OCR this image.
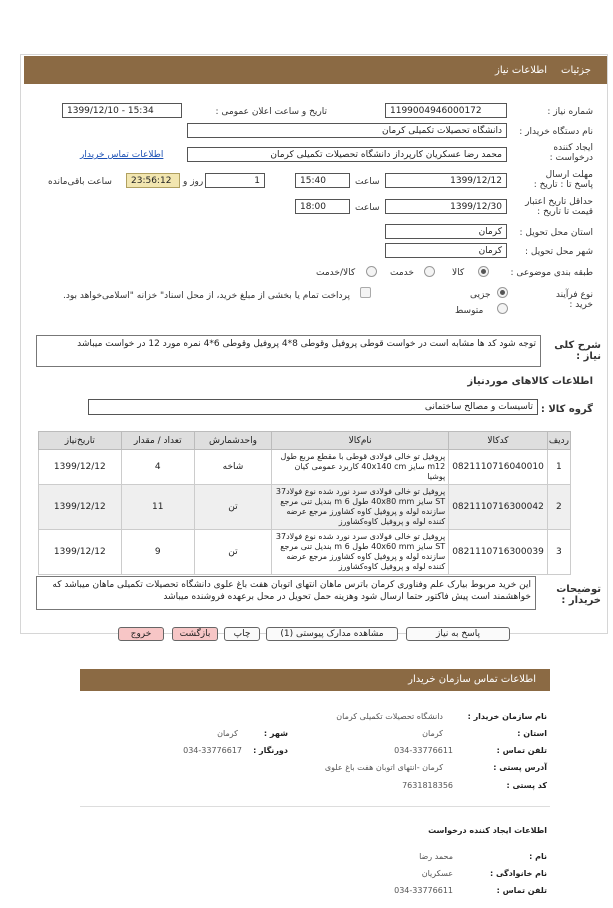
جزئیات
اطلاعات نیاز
شماره نیاز :
1199004946000172
تاریخ و ساعت اعلان عمومی :
1399/12/10 - 15:34
نام دستگاه خریدار :
دانشگاه تحصیلات تکمیلی کرمان
ایجاد کننده درخواست :
محمد رضا عسکریان کارپرداز دانشگاه تحصیلات تکمیلی کرمان
اطلاعات تماس خریدار
مهلت ارسال پاسخ تا : تاریخ :
1399/12/12
ساعت
15:40
1
روز و
23:56:12
ساعت باقی‌مانده
حداقل تاریخ اعتبار قیمت تا تاریخ :
1399/12/30
ساعت
18:00
استان محل تحویل :
کرمان
شهر محل تحویل :
کرمان
طبقه بندی موضوعی :
کالا
خدمت
کالا/خدمت
نوع فرآیند خرید :
جزیی
متوسط
پرداخت تمام یا بخشی از مبلغ خرید، از محل اسناد" خزانه "اسلامی‌خواهد بود.
شرح کلی نیاز :
توجه شود کد ها مشابه است در خواست قوطی پروفیل وقوطی 8*4 پروفیل وقوطی 6*4 نمره مورد 12 در خواست میباشد
اطلاعات کالاهای موردنیاز
گروه کالا :
تاسیسات و مصالح ساختمانی
ردیف	کدکالا	نام‌کالا	واحدشمارش	تعداد / مقدار	تاریخ‌نیاز
1	0821110716040010	پروفیل تو خالی فولادی قوطی با مقطع مربع طول m12 سایز 40x140 cm کاربرد عمومی کیان پوشیا	شاخه	4	1399/12/12
2	0821110716300042	پروفیل تو خالی فولادی سرد نورد شده نوع فولاد37 ST سایز 40x80 mm طول m 6 بندیل تنی مرجع سازنده لوله و پروفیل کاوه کشاورز مرجع عرضه کننده لوله و پروفیل کاوه‌کشاورز	تن	11	1399/12/12
3	0821110716300039	پروفیل تو خالی فولادی سرد نورد شده نوع فولاد37 ST سایز 40x60 mm طول m 6 بندیل تنی مرجع سازنده لوله و پروفیل کاوه کشاورز مرجع عرضه کننده لوله و پروفیل کاوه‌کشاورز	تن	9	1399/12/12
توضیحات خریدار :
این خرید مربوط بیارک علم وفناوری کرمان باترس ماهان انتهای اتوبان هفت باغ علوی دانشگاه تحصیلات تکمیلی ماهان میباشد که خواهشمند است پیش فاکتور حتما ارسال شود وهزینه حمل تحویل در محل برعهده فروشنده میباشد
پاسخ به نیاز
مشاهده مدارک پیوستی (1)
چاپ
بازگشت
خروج
اطلاعات تماس سازمان خریدار
نام سازمان خریدار :
دانشگاه تحصیلات تکمیلی کرمان
استان :
کرمان
شهر :
کرمان
تلفن تماس :
034-33776611
دورنگار :
034-33776617
آدرس پستی :
کرمان -انتهای اتوبان هفت باغ علوی
کد پستی :
7631818356
اطلاعات ایجاد کننده درخواست
نام :
محمد رضا
نام خانوادگی :
عسکریان
تلفن تماس :
034-33776611
